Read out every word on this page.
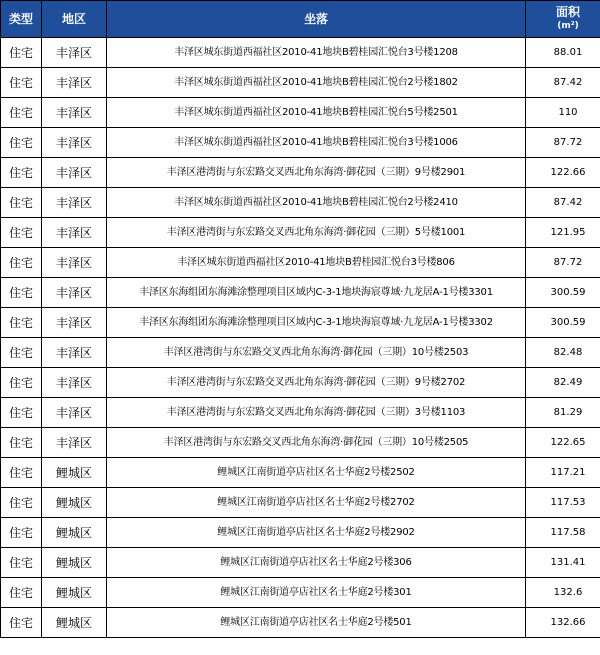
类型	地区	坐落	面积
(m²)
住宅	丰泽区	丰泽区城东街道西福社区2010-41地块B碧桂园汇悦台3号楼1208	88.01
住宅	丰泽区	丰泽区城东街道西福社区2010-41地块B碧桂园汇悦台2号楼1802	87.42
住宅	丰泽区	丰泽区城东街道西福社区2010-41地块B碧桂园汇悦台5号楼2501	110
住宅	丰泽区	丰泽区城东街道西福社区2010-41地块B碧桂园汇悦台3号楼1006	87.72
住宅	丰泽区	丰泽区港湾街与东宏路交叉西北角东海湾·御花园（三期）9号楼2901	122.66
住宅	丰泽区	丰泽区城东街道西福社区2010-41地块B碧桂园汇悦台2号楼2410	87.42
住宅	丰泽区	丰泽区港湾街与东宏路交叉西北角东海湾·御花园（三期）5号楼1001	121.95
住宅	丰泽区	丰泽区城东街道西福社区2010-41地块B碧桂园汇悦台3号楼806	87.72
住宅	丰泽区	丰泽区东海组团东海滩涂整理项目区域内C-3-1地块海宸尊域·九龙居A-1号楼3301	300.59
住宅	丰泽区	丰泽区东海组团东海滩涂整理项目区域内C-3-1地块海宸尊域·九龙居A-1号楼3302	300.59
住宅	丰泽区	丰泽区港湾街与东宏路交叉西北角东海湾·御花园（三期）10号楼2503	82.48
住宅	丰泽区	丰泽区港湾街与东宏路交叉西北角东海湾·御花园（三期）9号楼2702	82.49
住宅	丰泽区	丰泽区港湾街与东宏路交叉西北角东海湾·御花园（三期）3号楼1103	81.29
住宅	丰泽区	丰泽区港湾街与东宏路交叉西北角东海湾·御花园（三期）10号楼2505	122.65
住宅	鲤城区	鲤城区江南街道亭店社区名士华庭2号楼2502	117.21
住宅	鲤城区	鲤城区江南街道亭店社区名士华庭2号楼2702	117.53
住宅	鲤城区	鲤城区江南街道亭店社区名士华庭2号楼2902	117.58
住宅	鲤城区	鲤城区江南街道亭店社区名士华庭2号楼306	131.41
住宅	鲤城区	鲤城区江南街道亭店社区名士华庭2号楼301	132.6
住宅	鲤城区	鲤城区江南街道亭店社区名士华庭2号楼501	132.66
